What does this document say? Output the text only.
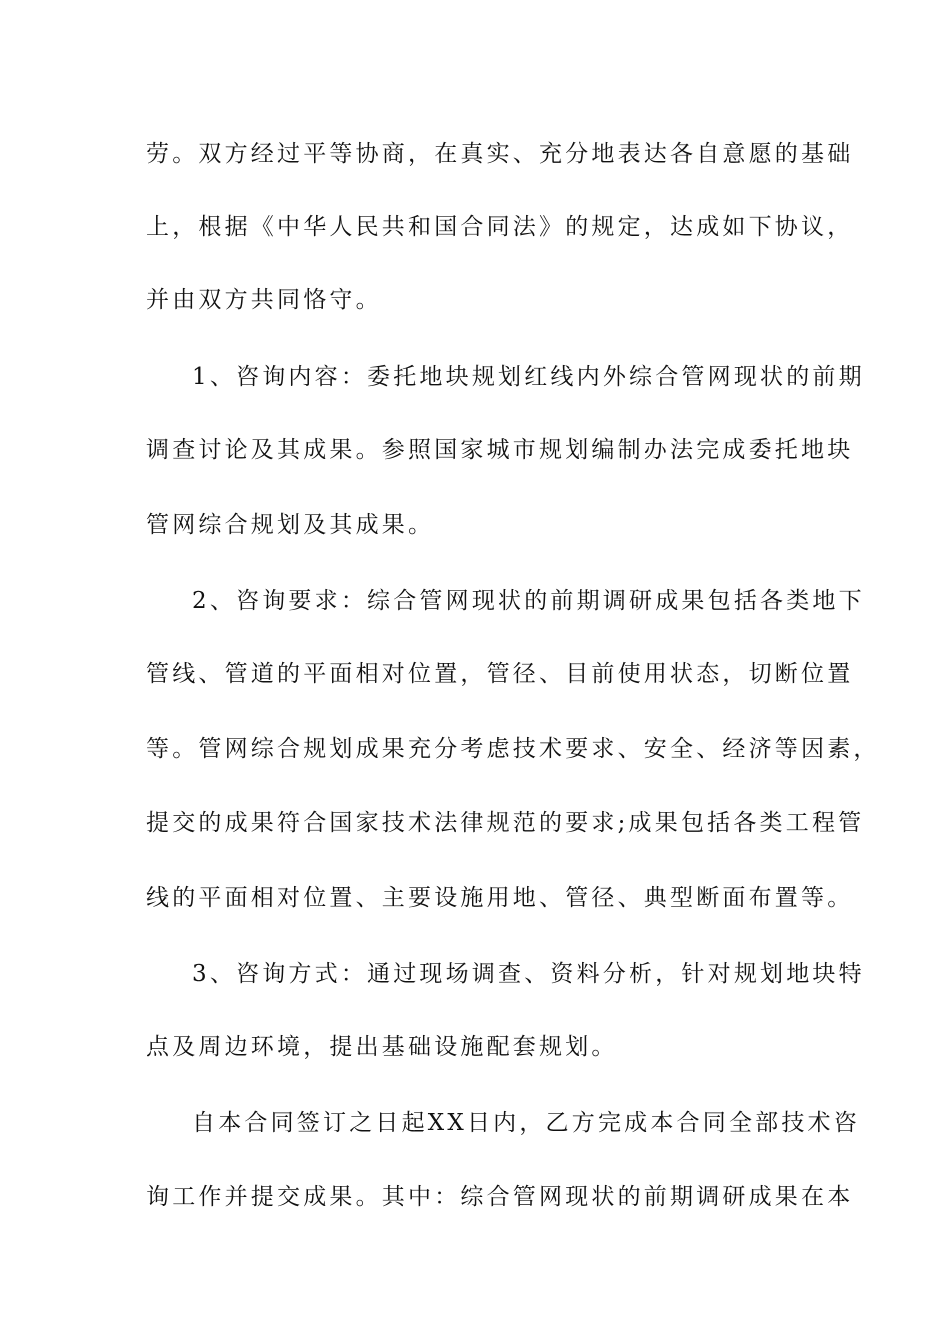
劳。双方经过平等协商，在真实、充分地表达各自意愿的基础
上，根据《中华人民共和国合同法》的规定，达成如下协议，
并由双方共同恪守。
1、咨询内容：委托地块规划红线内外综合管网现状的前期
调查讨论及其成果。参照国家城市规划编制办法完成委托地块
管网综合规划及其成果。
2、咨询要求：综合管网现状的前期调研成果包括各类地下
管线、管道的平面相对位置，管径、目前使用状态，切断位置
等。管网综合规划成果充分考虑技术要求、安全、经济等因素，
提交的成果符合国家技术法律规范的要求;成果包括各类工程管
线的平面相对位置、主要设施用地、管径、典型断面布置等。
3、咨询方式：通过现场调查、资料分析，针对规划地块特
点及周边环境，提出基础设施配套规划。
自本合同签订之日起XX日内，乙方完成本合同全部技术咨
询工作并提交成果。其中：综合管网现状的前期调研成果在本
